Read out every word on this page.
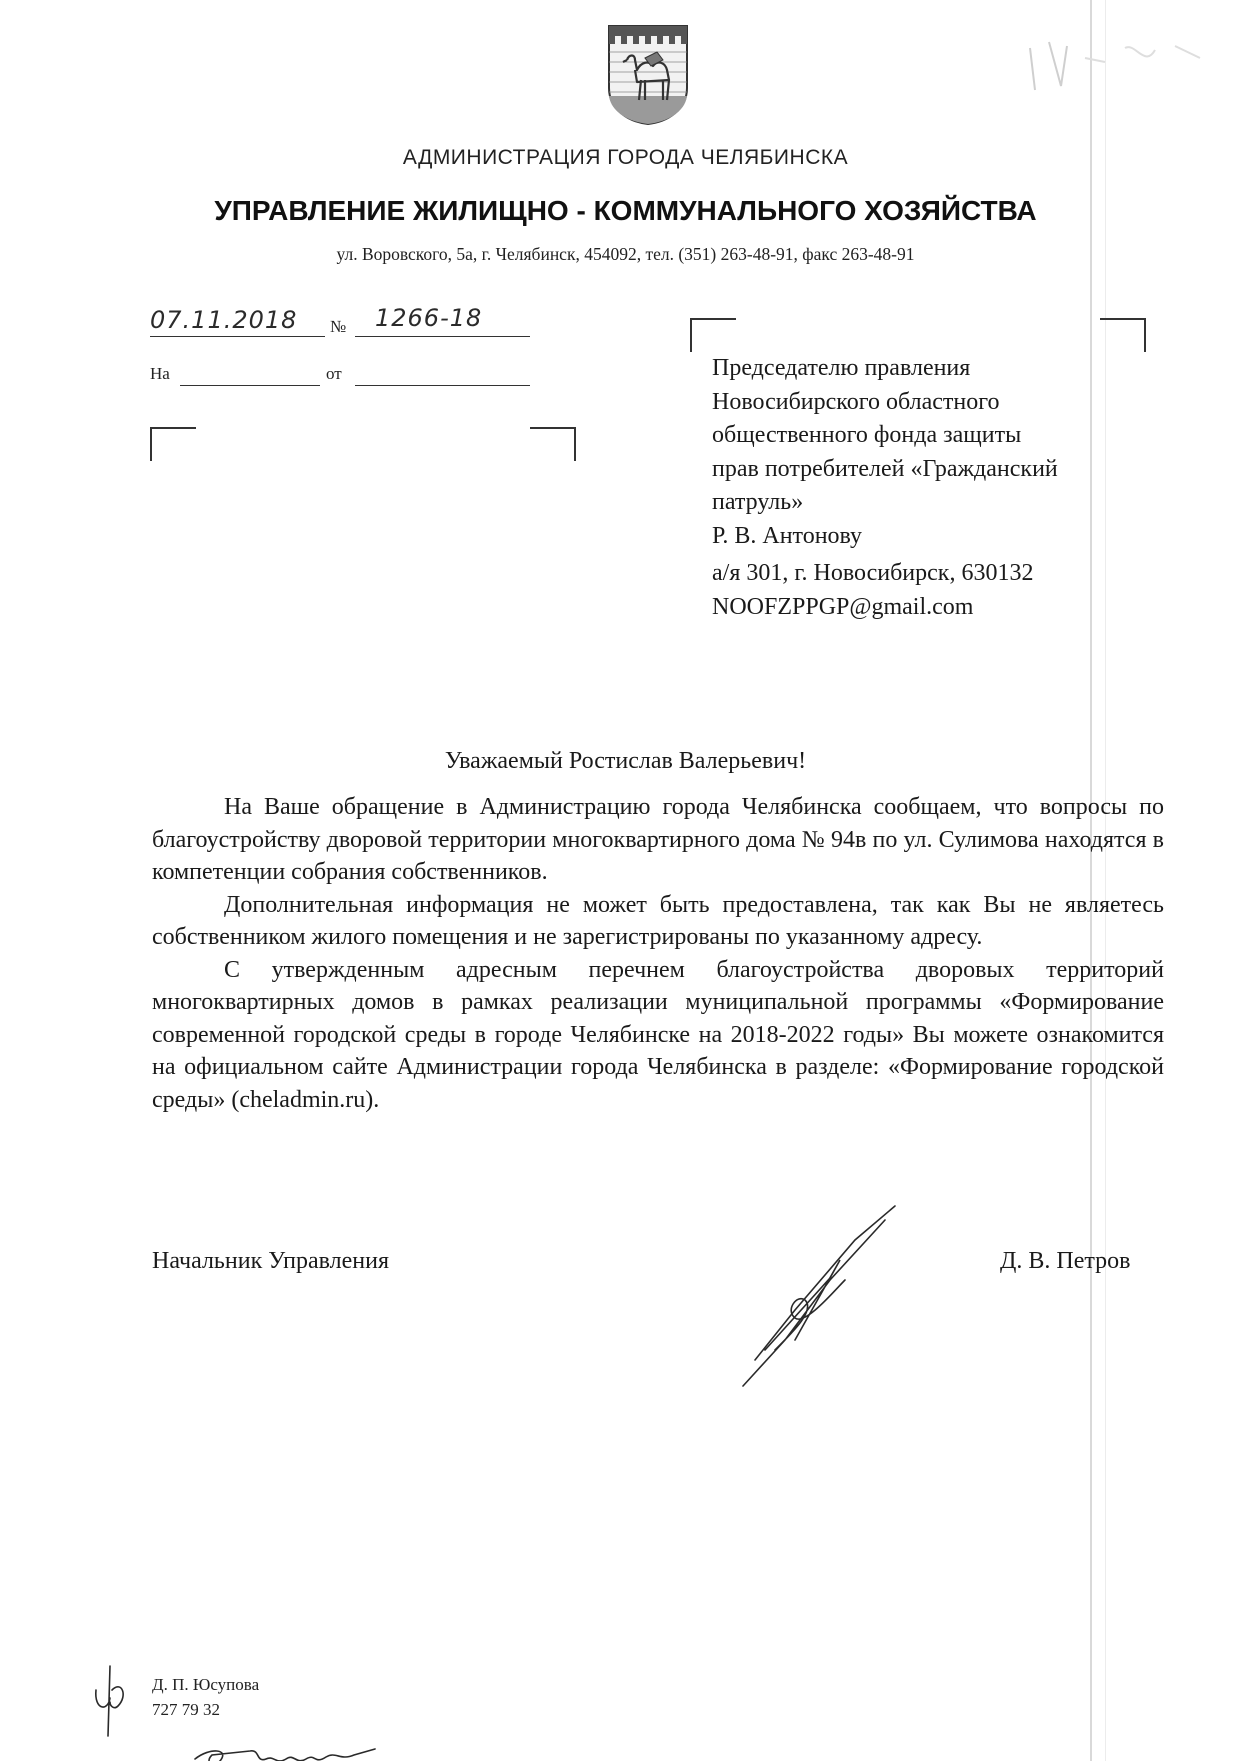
АДМИНИСТРАЦИЯ ГОРОДА ЧЕЛЯБИНСКА
УПРАВЛЕНИЕ ЖИЛИЩНО - КОММУНАЛЬНОГО ХОЗЯЙСТВА
ул. Воровского, 5а, г. Челябинск, 454092, тел. (351) 263-48-91, факс 263-48-91
07.11.2018 № 1266-18
На	от	Председателю правления
Новосибирского областного
общественного фонда защиты
прав потребителей «Гражданский
патруль»
Р. В. Антонову
а/я 301, г. Новосибирск, 630132
NOOFZPPGP@gmail.com
Уважаемый Ростислав Валерьевич!

На Ваше обращение в Администрацию города Челябинска сообщаем, что вопросы по благоустройству дворовой территории многоквартирного дома № 94в по ул. Сулимова находятся в компетенции собрания собственников.

Дополнительная информация не может быть предоставлена, так как Вы не являетесь собственником жилого помещения и не зарегистрированы по указанному адресу.

С утвержденным адресным перечнем благоустройства дворовых территорий многоквартирных домов в рамках реализации муниципальной программы «Формирование современной городской среды в городе Челябинске на 2018-2022 годы» Вы можете ознакомится на официальном сайте Администрации города Челябинска в разделе: «Формирование городской среды» (cheladmin.ru).

Начальник Управления	Д. В. Петров
Д. П. Юсупова
727 79 32
